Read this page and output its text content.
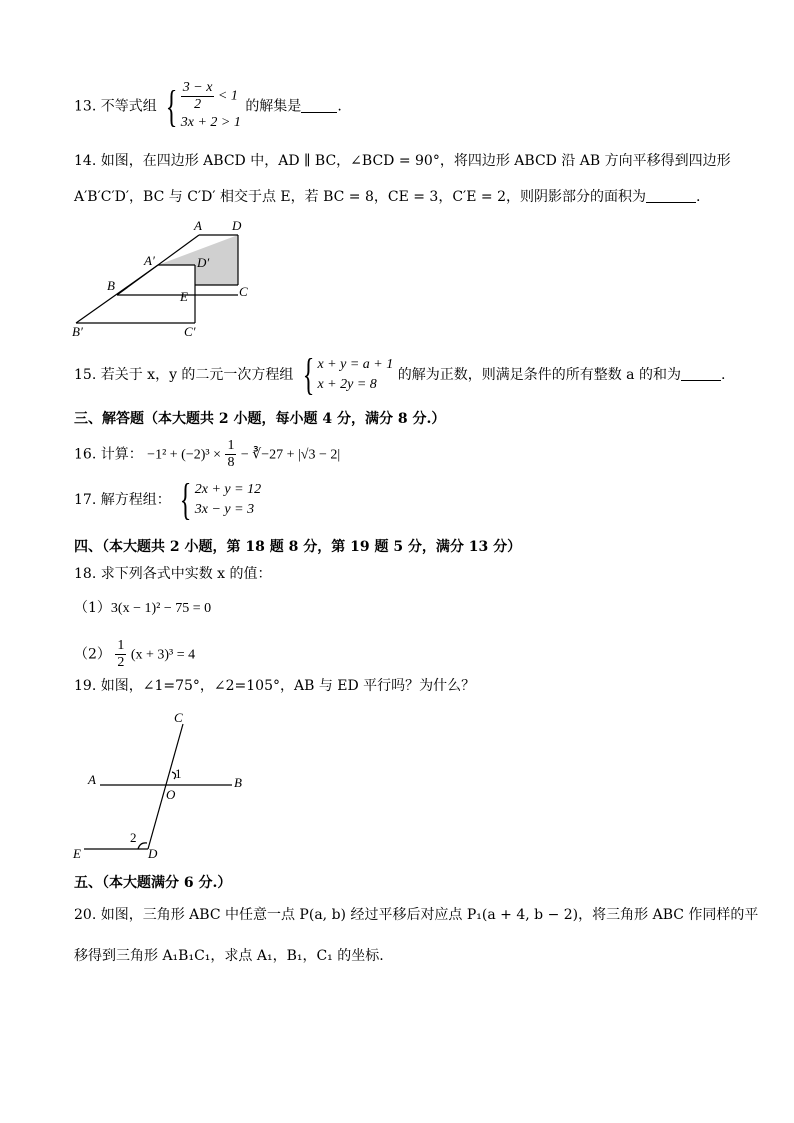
13. 不等式组 { $\frac{3 - x}{2} < 1$
3x + 2 > 1
的解集是	.
14. 如图，在四边形 ABCD 中，AD ∥ BC，∠BCD = 90°，将四边形 ABCD 沿 AB 方向平移得到四边形
A′B′C′D′，BC 与 C′D′ 相交于点 E，若 BC = 8，CE = 3，C′E = 2，则阴影部分的面积为	.
A D
A′	D′
B
E	C
B′	C′
15. 若关于 x，y 的二元一次方程组 { x + y = a + 1
x + 2y = 8
的解为正数，则满足条件的所有整数 a 的和为	.
三、解答题（本大题共 2 小题，每小题 4 分，满分 8 分.）
16. 计算： $-1^2 + (-2)^3 \times \frac{1}{8}$ − ∛−27 + |√3 − 2|
17. 解方程组： { 2x + y = 12
3x − y = 3
四、（本大题共 2 小题，第 18 题 8 分，第 19 题 5 分，满分 13 分）
18. 求下列各式中实数 x 的值：
（1）3(x − 1)² − 75 = 0
$(2) \frac{1}{2} (x + 3)^3 = 4$
19. 如图，∠1=75°，∠2=105°，AB 与 ED 平行吗？为什么？
C
A	1
B
O
2
E	D
五、（本大题满分 6 分.）
20. 如图，三角形 ABC 中任意一点 P(a, b) 经过平移后对应点 P₁(a + 4, b − 2)，将三角形 ABC 作同样的平
移得到三角形 A₁B₁C₁，求点 A₁，B₁，C₁ 的坐标.
